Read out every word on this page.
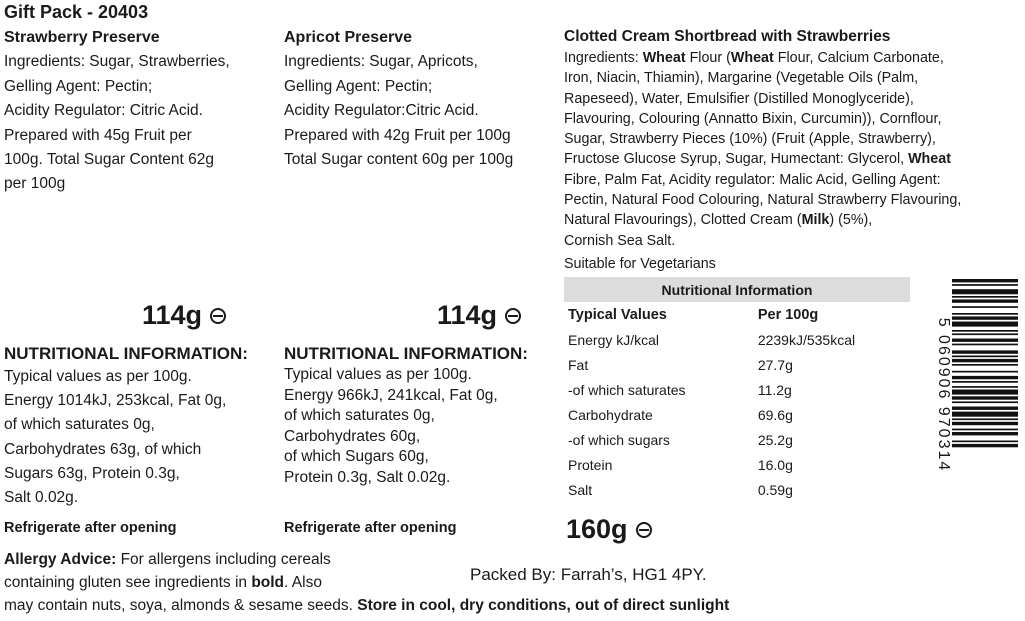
Gift Pack - 20403

Strawberry Preserve

Ingredients: Sugar, Strawberries,

Gelling Agent: Pectin;

Acidity Regulator: Citric Acid.

Prepared with 45g Fruit per

100g. Total Sugar Content 62g

per 100g

Apricot Preserve

Ingredients: Sugar, Apricots,

Gelling Agent: Pectin;

Acidity Regulator:Citric Acid.

Prepared with 42g Fruit per 100g

Total Sugar content 60g per 100g

Clotted Cream Shortbread with Strawberries

Ingredients: Wheat Flour (Wheat Flour, Calcium Carbonate,

Iron, Niacin, Thiamin), Margarine (Vegetable Oils (Palm,

Rapeseed), Water, Emulsifier (Distilled Monoglyceride),

Flavouring, Colouring (Annatto Bixin, Curcumin)), Cornflour,

Sugar, Strawberry Pieces (10%) (Fruit (Apple, Strawberry),

Fructose Glucose Syrup, Sugar, Humectant: Glycerol, Wheat

Fibre, Palm Fat, Acidity regulator: Malic Acid, Gelling Agent:

Pectin, Natural Food Colouring, Natural Strawberry Flavouring,

Natural Flavourings), Clotted Cream (Milk) (5%),

Cornish Sea Salt.

Suitable for Vegetarians

Nutritional Information	
Typical Values	Per 100g
Energy kJ/kcal	2239kJ/535kcal
Fat	27.7g
-of which saturates	11.2g
Carbohydrate	69.6g
-of which sugars	25.2g
Protein	16.0g
Salt	0.59g
114g	114g
160g

NUTRITIONAL INFORMATION:

Typical values as per 100g.

Energy 1014kJ, 253kcal, Fat 0g,

of which saturates 0g,

Carbohydrates 63g, of which

Sugars 63g, Protein 0.3g,

Salt 0.02g.

NUTRITIONAL INFORMATION:

Typical values as per 100g.

Energy 966kJ, 241kcal, Fat 0g,

of which saturates 0g,

Carbohydrates 60g,

of which Sugars 60g,

Protein 0.3g, Salt 0.02g.

Refrigerate after opening	Refrigerate after opening
5 060906 970314

Allergy Advice: For allergens including cereals

containing gluten see ingredients in bold. Also

may contain nuts, soya, almonds & sesame seeds. Store in cool, dry conditions, out of direct sunlight

Packed By: Farrah’s, HG1 4PY.
